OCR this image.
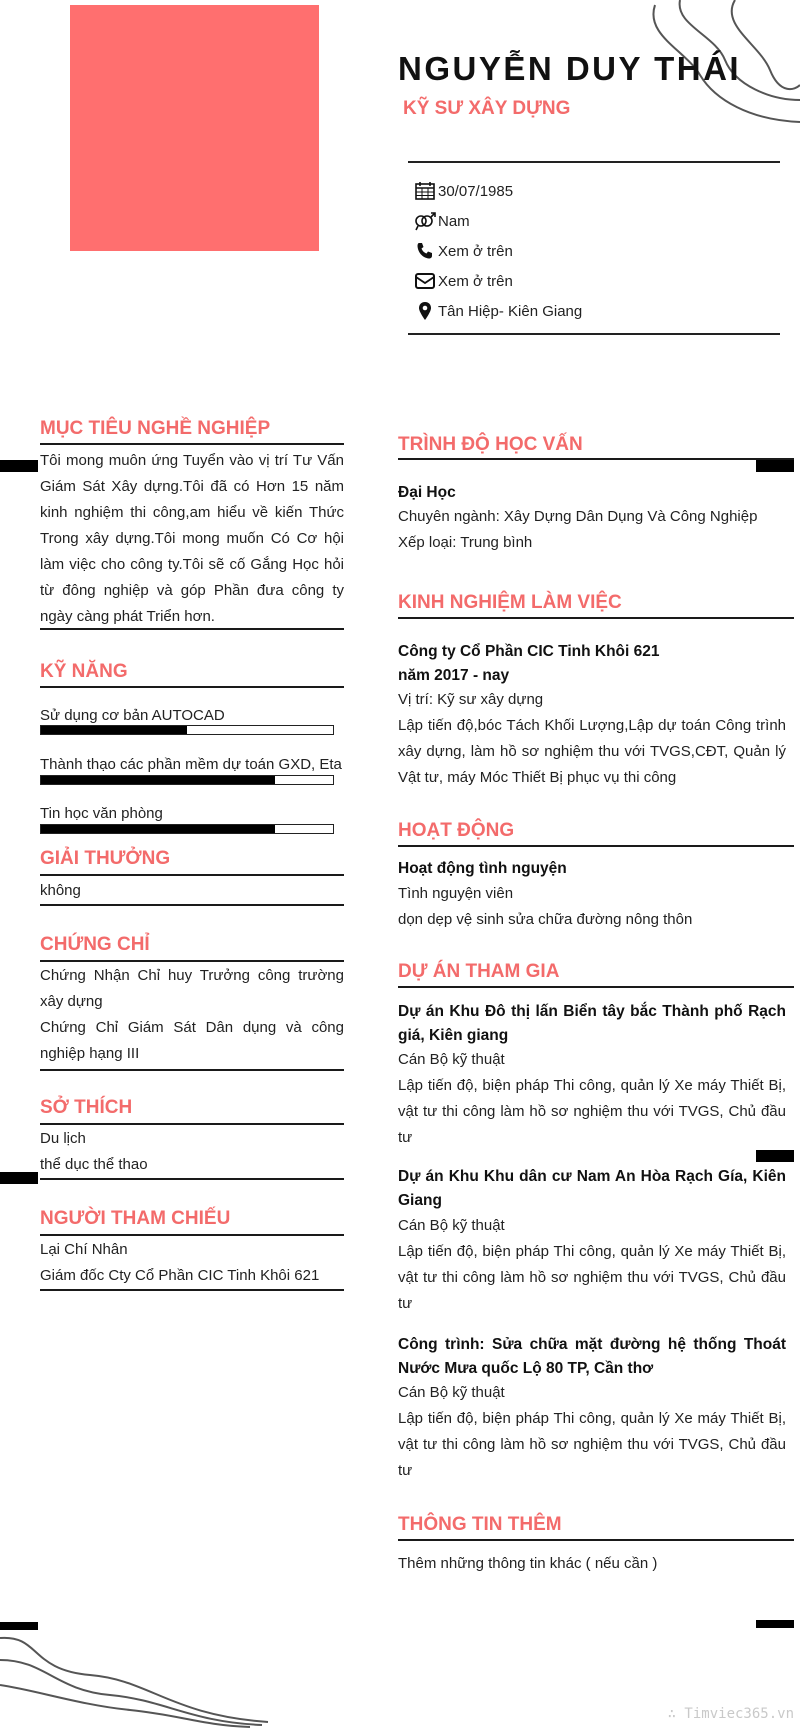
NGUYỄN DUY THÁI
KỸ SƯ XÂY DỰNG
30/07/1985
Nam
Xem ở trên
Xem ở trên
Tân Hiệp- Kiên Giang
MỤC TIÊU NGHỀ NGHIỆP
Tôi mong muôn ứng Tuyển vào vị trí Tư Vấn Giám Sát Xây dựng.Tôi đã có Hơn 15 năm kinh nghiệm thi công,am hiểu về kiến Thức Trong xây dựng.Tôi mong muốn Có Cơ hội làm việc cho công ty.Tôi sẽ cố Gắng Học hỏi từ đông nghiệp và góp Phần đưa công ty ngày càng phát Triển hơn.
KỸ NĂNG
Sử dụng cơ bản AUTOCAD
Thành thạo các phần mềm dự toán GXD, Eta
Tin học văn phòng
GIẢI THƯỞNG
không
CHỨNG CHỈ
Chứng Nhận Chỉ huy Trưởng công trường xây dựng
Chứng Chỉ Giám Sát Dân dụng và công nghiệp hạng III
SỞ THÍCH
Du lịch
thể dục thể thao
NGƯỜI THAM CHIẾU
Lại Chí Nhân
Giám đốc Cty Cổ Phần CIC Tinh Khôi 621
TRÌNH ĐỘ HỌC VẤN
Đại Học
Chuyên ngành: Xây Dựng Dân Dụng Và Công Nghiệp
Xếp loại: Trung bình
KINH NGHIỆM LÀM VIỆC
Công ty Cổ Phần CIC Tinh Khôi 621
năm 2017 - nay
Vị trí: Kỹ sư xây dựng
Lập tiến độ,bóc Tách Khối Lượng,Lập dự toán Công trình xây dựng, làm hồ sơ nghiệm thu với TVGS,CĐT, Quản lý Vật tư, máy Móc Thiết Bị phục vụ thi công
HOẠT ĐỘNG
Hoạt động tình nguyện
Tình nguyện viên
dọn dẹp vệ sinh sửa chữa đường nông thôn
DỰ ÁN THAM GIA
Dự án Khu Đô thị lấn Biển tây bắc Thành phố Rạch giá, Kiên giang
Cán Bộ kỹ thuật
Lập tiến độ, biện pháp Thi công, quản lý Xe máy Thiết Bị, vật tư thi công làm hồ sơ nghiệm thu với TVGS, Chủ đầu tư
Dự án Khu Khu dân cư Nam An Hòa Rạch Gía, Kiên Giang
Cán Bộ kỹ thuật
Lập tiến độ, biện pháp Thi công, quản lý Xe máy Thiết Bị, vật tư thi công làm hồ sơ nghiệm thu với TVGS, Chủ đầu tư
Công trình: Sửa chữa mặt đường hệ thống Thoát Nước Mưa quốc Lộ 80 TP, Cần thơ
Cán Bộ kỹ thuật
Lập tiến độ, biện pháp Thi công, quản lý Xe máy Thiết Bị, vật tư thi công làm hồ sơ nghiệm thu với TVGS, Chủ đầu tư
THÔNG TIN THÊM
Thêm những thông tin khác ( nếu cần )
∴ Timviec365.vn
